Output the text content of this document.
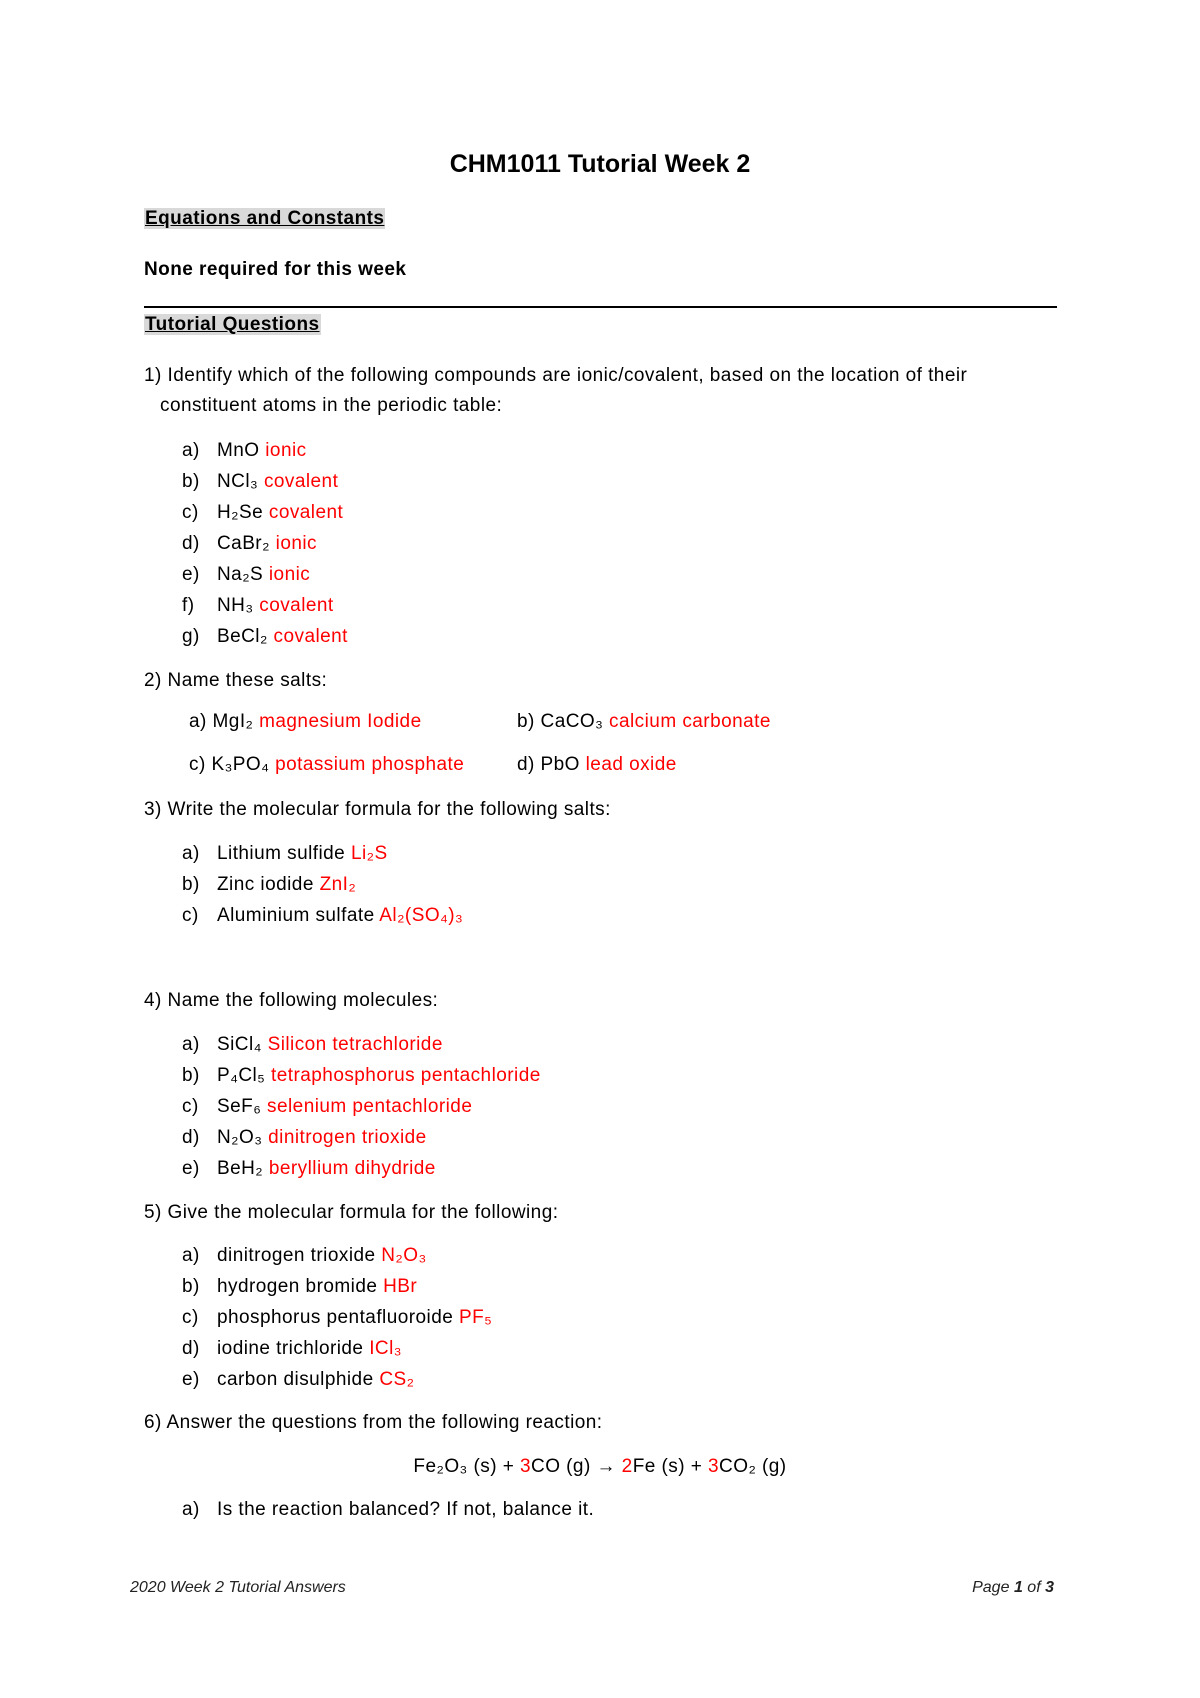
CHM1011 Tutorial Week 2
Equations and Constants
None required for this week
Tutorial Questions
1) Identify which of the following compounds are ionic/covalent, based on the location of their
constituent atoms in the periodic table:
a) MnO ionic
b) NCl₃ covalent
c) H₂Se covalent
d) CaBr₂ ionic
e) Na₂S ionic
f) NH₃ covalent
g) BeCl₂ covalent
2) Name these salts:
a) MgI₂ magnesium Iodide	b) CaCO₃ calcium carbonate
c) K₃PO₄ potassium phosphate	d) PbO lead oxide
3) Write the molecular formula for the following salts:
a) Lithium sulfide Li₂S
b) Zinc iodide ZnI₂
c) Aluminium sulfate Al₂(SO₄)₃
4) Name the following molecules:
a) SiCl₄ Silicon tetrachloride
b) P₄Cl₅ tetraphosphorus pentachloride
c) SeF₆ selenium pentachloride
d) N₂O₃ dinitrogen trioxide
e) BeH₂ beryllium dihydride
5) Give the molecular formula for the following:
a) dinitrogen trioxide N₂O₃
b) hydrogen bromide HBr
c) phosphorus pentafluoroide PF₅
d) iodine trichloride ICl₃
e) carbon disulphide CS₂
6) Answer the questions from the following reaction:
Fe₂O₃ (s) + 3CO (g) → 2Fe (s) + 3CO₂ (g)
a) Is the reaction balanced? If not, balance it.
2020 Week 2 Tutorial Answers	Page 1 of 3
